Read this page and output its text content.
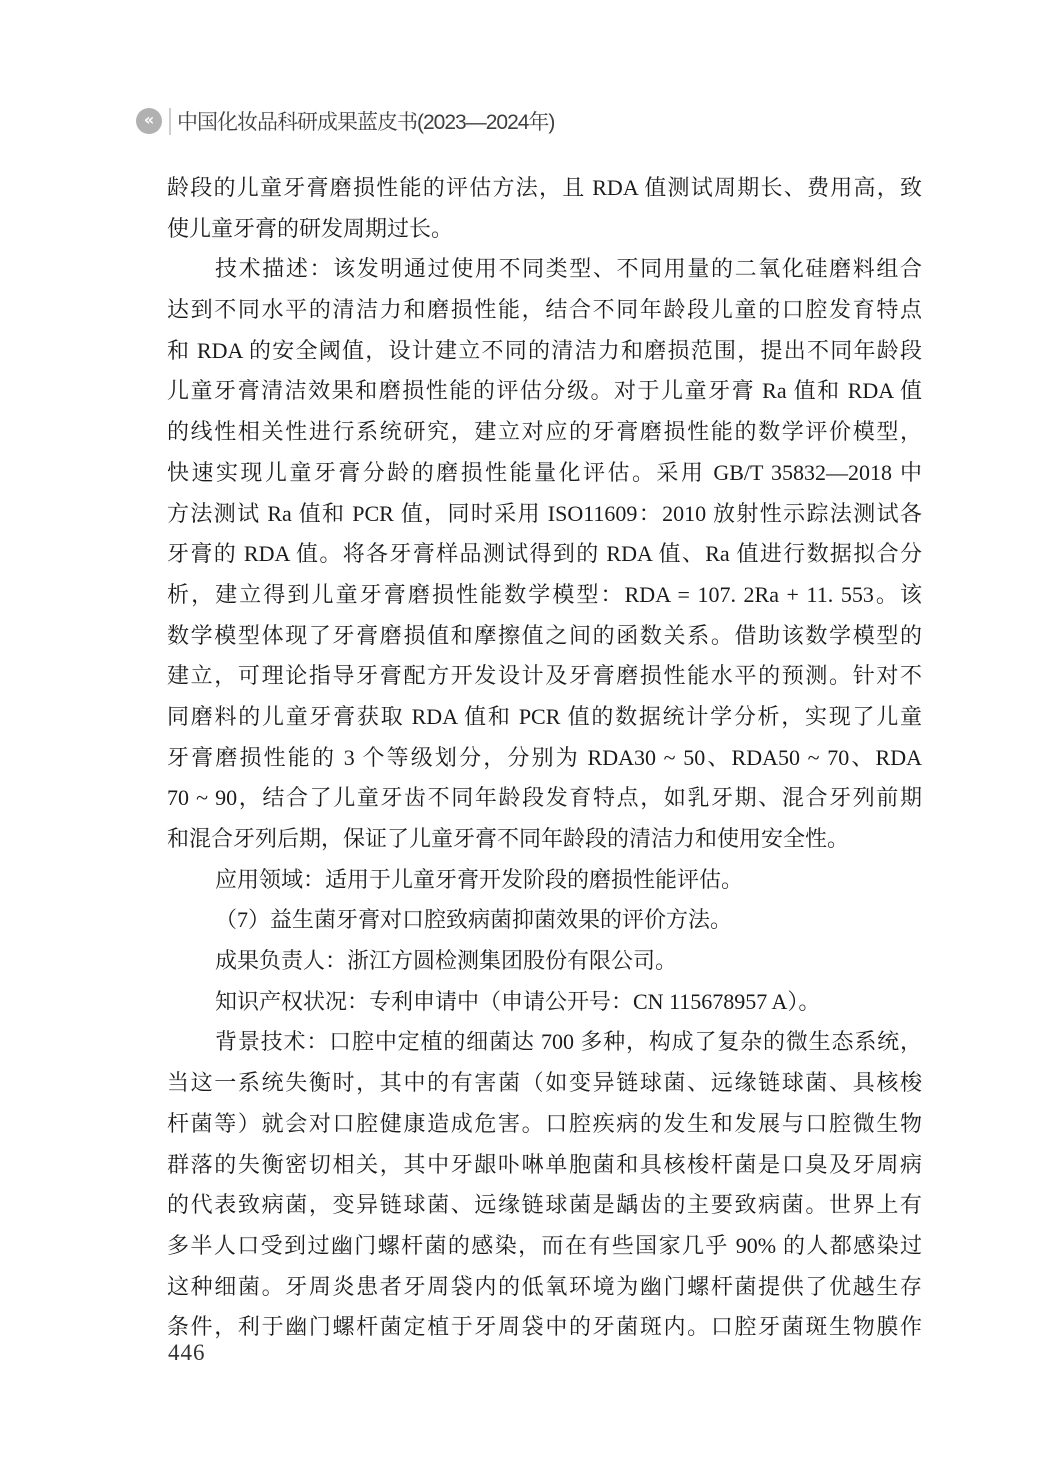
« 中国化妆品科研成果蓝皮书(2023—2024年)
龄段的儿童牙膏磨损性能的评估方法，且 RDA 值测试周期长、费用高，致
使儿童牙膏的研发周期过长。
技术描述：该发明通过使用不同类型、不同用量的二氧化硅磨料组合
达到不同水平的清洁力和磨损性能，结合不同年龄段儿童的口腔发育特点
和 RDA 的安全阈值，设计建立不同的清洁力和磨损范围，提出不同年龄段
儿童牙膏清洁效果和磨损性能的评估分级。对于儿童牙膏 Ra 值和 RDA 值
的线性相关性进行系统研究，建立对应的牙膏磨损性能的数学评价模型，
快速实现儿童牙膏分龄的磨损性能量化评估。采用 GB/T 35832—2018 中
方法测试 Ra 值和 PCR 值，同时采用 ISO11609：2010 放射性示踪法测试各
牙膏的 RDA 值。将各牙膏样品测试得到的 RDA 值、Ra 值进行数据拟合分
析，建立得到儿童牙膏磨损性能数学模型：RDA = 107. 2Ra + 11. 553。该
数学模型体现了牙膏磨损值和摩擦值之间的函数关系。借助该数学模型的
建立，可理论指导牙膏配方开发设计及牙膏磨损性能水平的预测。针对不
同磨料的儿童牙膏获取 RDA 值和 PCR 值的数据统计学分析，实现了儿童
牙膏磨损性能的 3 个等级划分，分别为 RDA30 ~ 50、RDA50 ~ 70、RDA
70 ~ 90，结合了儿童牙齿不同年龄段发育特点，如乳牙期、混合牙列前期
和混合牙列后期，保证了儿童牙膏不同年龄段的清洁力和使用安全性。
应用领域：适用于儿童牙膏开发阶段的磨损性能评估。
（7）益生菌牙膏对口腔致病菌抑菌效果的评价方法。
成果负责人：浙江方圆检测集团股份有限公司。
知识产权状况：专利申请中（申请公开号：CN 115678957 A）。
背景技术：口腔中定植的细菌达 700 多种，构成了复杂的微生态系统，
当这一系统失衡时，其中的有害菌（如变异链球菌、远缘链球菌、具核梭
杆菌等）就会对口腔健康造成危害。口腔疾病的发生和发展与口腔微生物
群落的失衡密切相关，其中牙龈卟啉单胞菌和具核梭杆菌是口臭及牙周病
的代表致病菌，变异链球菌、远缘链球菌是龋齿的主要致病菌。世界上有
多半人口受到过幽门螺杆菌的感染，而在有些国家几乎 90% 的人都感染过
这种细菌。牙周炎患者牙周袋内的低氧环境为幽门螺杆菌提供了优越生存
条件，利于幽门螺杆菌定植于牙周袋中的牙菌斑内。口腔牙菌斑生物膜作
446
